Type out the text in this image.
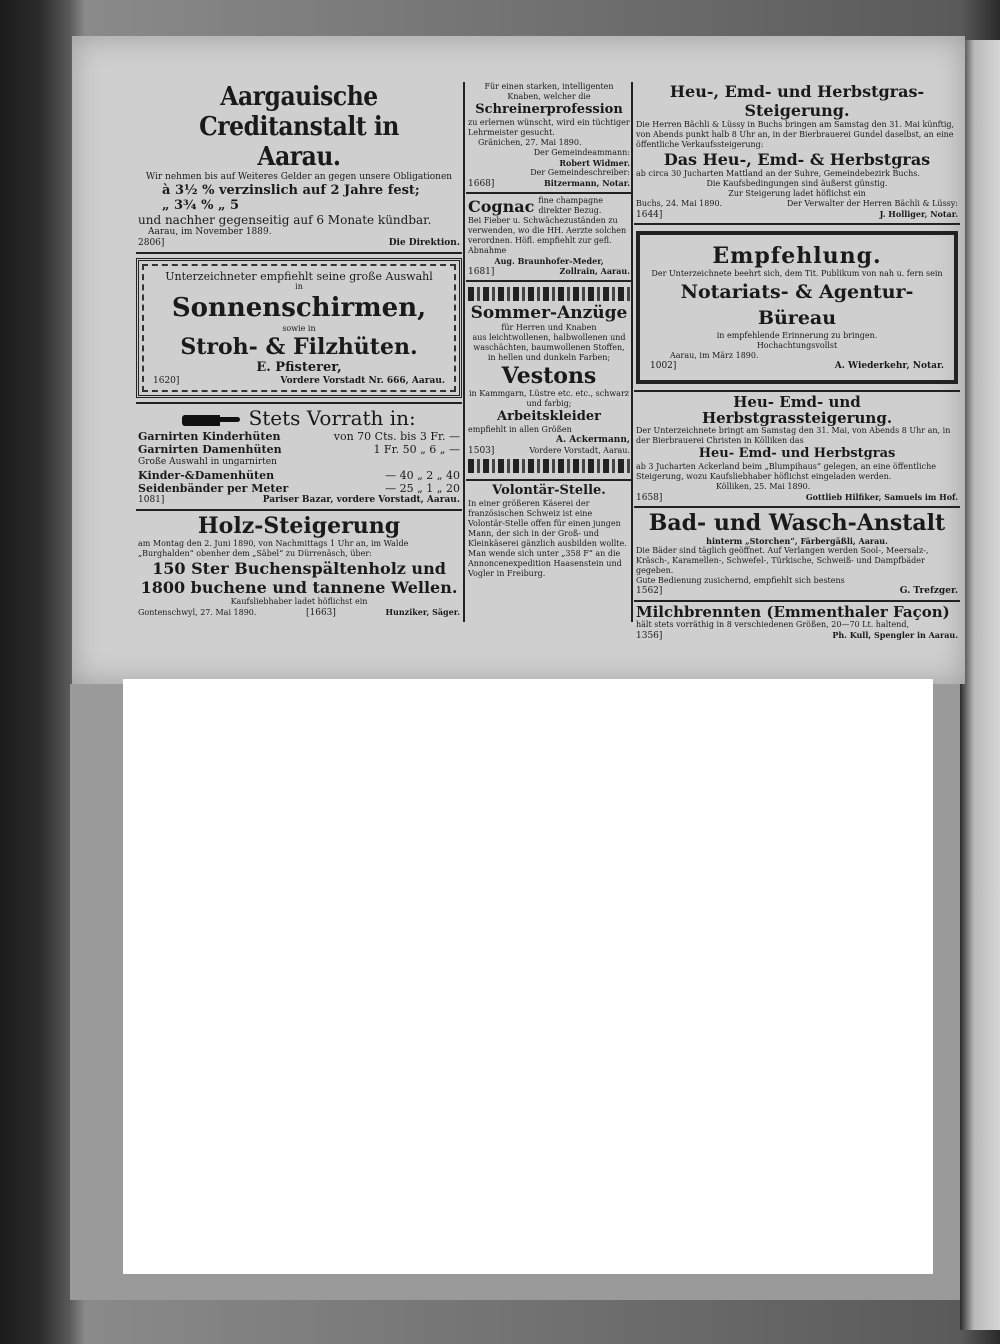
Aargauische Creditanstalt in Aarau.
Wir nehmen bis auf Weiteres Gelder an gegen unsere Obligationen
à 3½ % verzinslich auf 2 Jahre fest;
„ 3¾ % „ 5
und nachher gegenseitig auf 6 Monate kündbar.
Aarau, im November 1889.
2806]	Die Direktion.
Unterzeichneter empfiehlt seine große Auswahl
in
Sonnenschirmen,
sowie in
Stroh- & Filzhüten.
E. Pfisterer,
1620]	Vordere Vorstadt Nr. 666, Aarau.
Stets Vorrath in:
Garnirten Kinderhüten	von 70 Cts. bis 3 Fr. —
Garnirten Damenhüten	1 Fr. 50 „ 6 „ —
Große Auswahl in ungarnirten
Kinder-&Damenhüten	— 40 „ 2 „ 40
Seidenbänder per Meter	— 25 „ 1 „ 20
1081]	Pariser Bazar, vordere Vorstadt, Aarau.
Holz-Steigerung
am Montag den 2. Juni 1890, von Nachmittags 1 Uhr an, im Walde „Burghalden“ obenher dem „Säbel“ zu Dürrenäsch, über:
150 Ster Buchenspältenholz und
1800 buchene und tannene Wellen.
Kaufsliebhaber ladet höflichst ein
Gontenschwyl, 27. Mai 1890.	[1663]	Hunziker, Säger.
Für einen starken, intelligenten Knaben, welcher die
Schreinerprofession
zu erlernen wünscht, wird ein tüchtiger Lehrmeister gesucht.
Gränichen, 27. Mai 1890.
Der Gemeindeammann:
Robert Widmer.
Der Gemeindeschreiber:
1668]	Bitzermann, Notar.
Cognac fine champagne direkter Bezug.
Bei Fieber u. Schwächezuständen zu verwenden, wo die HH. Aerzte solchen verordnen. Höfl. empfiehlt zur gefl. Abnahme
Aug. Braunhofer-Meder,
1681]	Zollrain, Aarau.
Sommer-Anzüge
für Herren und Knaben
aus leichtwollenen, halbwollenen und waschächten, baumwollenen Stoffen,
in hellen und dunkeln Farben;
Vestons
in Kammgarn, Lüstre etc. etc., schwarz und farbig;
Arbeitskleider
empfiehlt in allen Größen
A. Ackermann,
1503]	Vordere Vorstadt, Aarau.
Volontär-Stelle.
In einer größeren Käserei der französischen Schweiz ist eine Volontär-Stelle offen für einen jungen Mann, der sich in der Groß- und Kleinkäserei gänzlich ausbilden wollte. Man wende sich unter „358 F“ an die Annoncenexpedition Haasenstein und Vogler in Freiburg.
Heu-, Emd- und Herbstgras-Steigerung.
Die Herren Bächli & Lüssy in Buchs bringen am Samstag den 31. Mai künftig, von Abends punkt halb 8 Uhr an, in der Bierbrauerei Gundel daselbst, an eine öffentliche Verkaufssteigerung:
Das Heu-, Emd- & Herbstgras
ab circa 30 Jucharten Mattland an der Suhre, Gemeindebezirk Buchs.
Die Kaufsbedingungen sind äußerst günstig.
Zur Steigerung ladet höflichst ein
Buchs, 24. Mai 1890.	Der Verwalter der Herren Bächli & Lüssy:
1644]	J. Holliger, Notar.
Empfehlung.
Der Unterzeichnete beehrt sich, dem Tit. Publikum von nah u. fern sein
Notariats- & Agentur-Büreau
in empfehlende Erinnerung zu bringen.
Hochachtungsvollst
Aarau, im März 1890.
1002]	A. Wiederkehr, Notar.
Heu- Emd- und Herbstgrassteigerung.
Der Unterzeichnete bringt am Samstag den 31. Mai, von Abends 8 Uhr an, in der Bierbrauerei Christen in Kölliken das
Heu- Emd- und Herbstgras
ab 3 Jucharten Ackerland beim „Blumpihaus“ gelegen, an eine öffentliche Steigerung, wozu Kaufsliebhaber höflichst eingeladen werden.
Kölliken, 25. Mai 1890.
1658]	Gottlieb Hilfiker, Samuels im Hof.
Bad- und Wasch-Anstalt
hinterm „Storchen“, Färbergäßli, Aarau.
Die Bäder sind täglich geöffnet. Auf Verlangen werden Sool-, Meersalz-, Kräsch-, Karamellen-, Schwefel-, Türkische, Schweiß- und Dampfbäder gegeben.
Gute Bedienung zusichernd, empfiehlt sich bestens
1562]	G. Trefzger.
Milchbrennten (Emmenthaler Façon)
hält stets vorräthig in 8 verschiedenen Größen, 20—70 Lt. haltend,
1356]	Ph. Kull, Spengler in Aarau.
